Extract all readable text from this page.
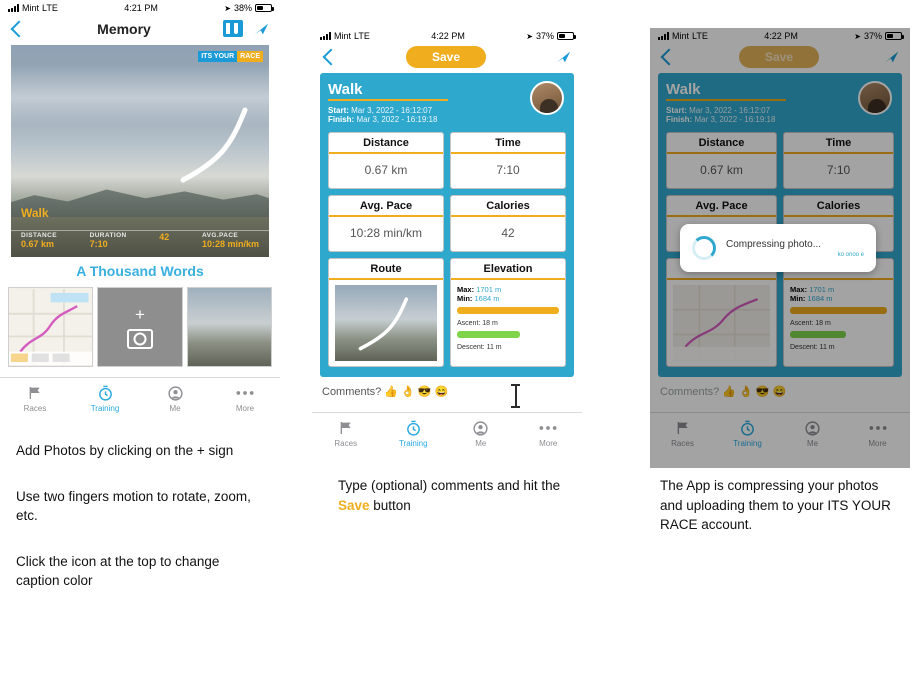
Mint LTE	4:21 PM	➤ 38%
Memory
ITS YOUR RACE
Walk
DISTANCE
0.67 km
DURATION
7:10
42	AVG.PACE
10:28 min/km
A Thousand Words
+
Races	Training	Me	More
Add Photos by clicking on the + sign
Use two fingers motion to rotate, zoom, etc.
Click the icon at the top to change caption color
Mint LTE	4:22 PM	➤ 37%
Save
Walk
Start: Mar 3, 2022 - 16:12:07
Finish: Mar 3, 2022 - 16:19:18
Distance
0.67 km
Time
7:10
Avg. Pace
10:28 min/km
Calories
42
Route	Elevation
Max: 1701 m
Min: 1684 m
Ascent: 18 m
Descent: 11 m
Comments? 👍 👌 😎 😄
Races	Training	Me	More
Type (optional) comments and hit the Save button
Mint LTE	4:22 PM	➤ 37%
Save
Walk
Start: Mar 3, 2022 - 16:12:07
Finish: Mar 3, 2022 - 16:19:18
Distance
0.67 km
Time
7:10
Avg. Pace	Calories
Max: 1701 m
Min: 1684 m
Ascent: 18 m
Descent: 11 m
Comments? 👍 👌 😎 😄
Races	Training	Me	More
Compressing photo...
ko onoo e
The App is compressing your photos and uploading them to your ITS YOUR RACE account.
